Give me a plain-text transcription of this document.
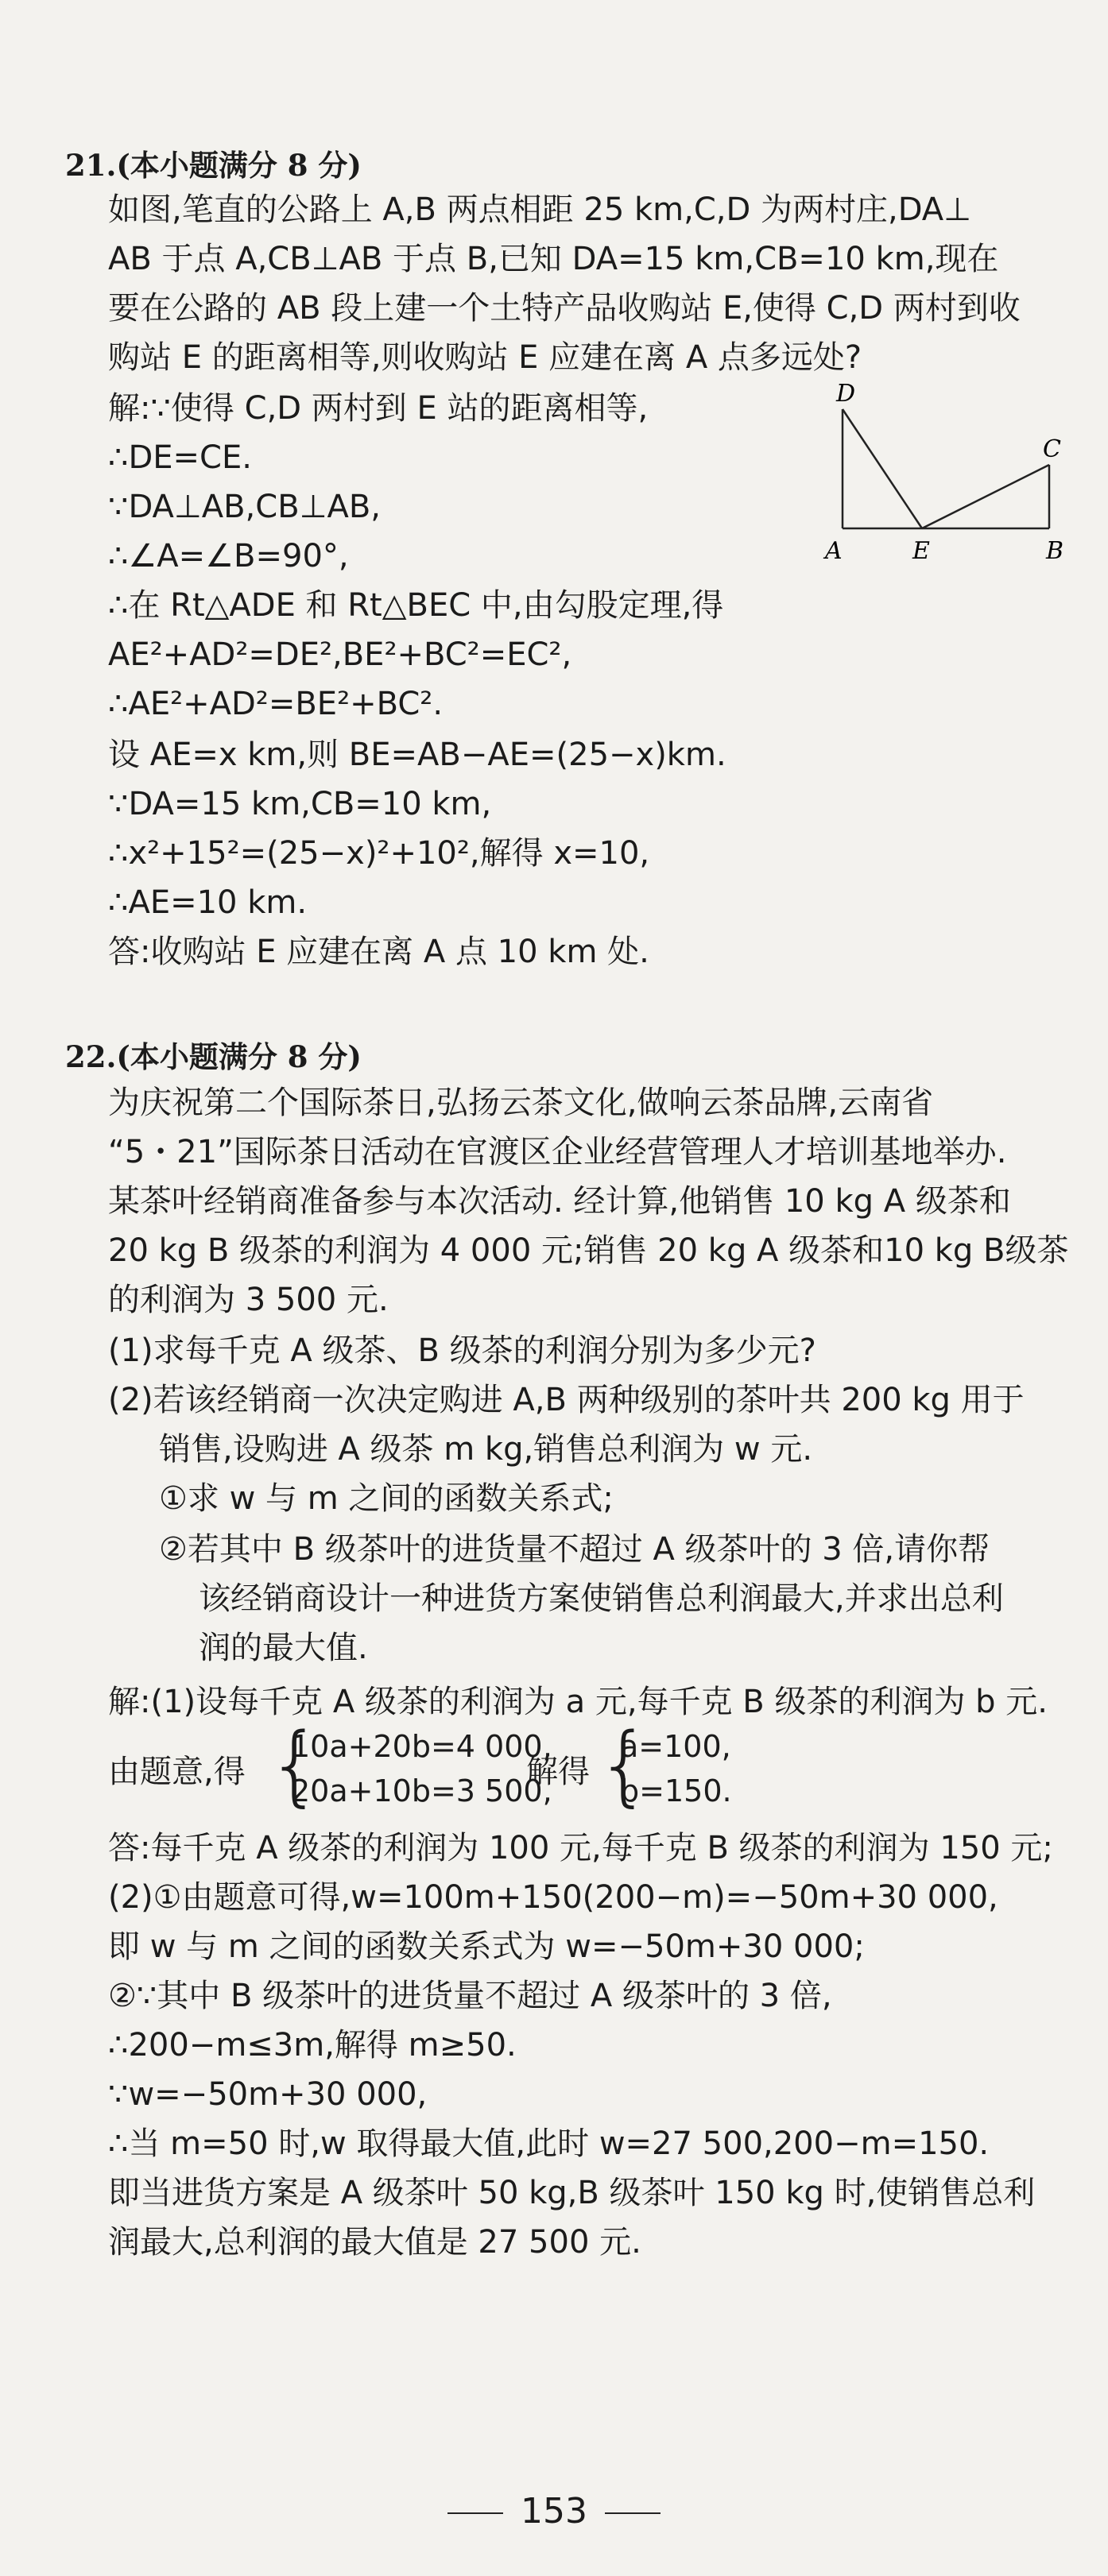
21.(本小题满分 8 分)
如图,笔直的公路上 A,B 两点相距 25 km,C,D 为两村庄,DA⊥
AB 于点 A,CB⊥AB 于点 B,已知 DA=15 km,CB=10 km,现在
要在公路的 AB 段上建一个土特产品收购站 E,使得 C,D 两村到收
购站 E 的距离相等,则收购站 E 应建在离 A 点多远处?
解:∵使得 C,D 两村到 E 站的距离相等,
∴DE=CE.
∵DA⊥AB,CB⊥AB,
∴∠A=∠B=90°,
∴在 Rt△ADE 和 Rt△BEC 中,由勾股定理,得
AE²+AD²=DE²,BE²+BC²=EC²,
∴AE²+AD²=BE²+BC².
设 AE=x km,则 BE=AB−AE=(25−x)km.
∵DA=15 km,CB=10 km,
∴x²+15²=(25−x)²+10²,解得 x=10,
∴AE=10 km.
答:收购站 E 应建在离 A 点 10 km 处.
D
C
A	E	B
22.(本小题满分 8 分)
为庆祝第二个国际茶日,弘扬云茶文化,做响云茶品牌,云南省
“5・21”国际茶日活动在官渡区企业经营管理人才培训基地举办.
某茶叶经销商准备参与本次活动. 经计算,他销售 10 kg A 级茶和
20 kg B 级茶的利润为 4 000 元;销售 20 kg A 级茶和10 kg B级茶
的利润为 3 500 元.
(1)求每千克 A 级茶、B 级茶的利润分别为多少元?
(2)若该经销商一次决定购进 A,B 两种级别的茶叶共 200 kg 用于
销售,设购进 A 级茶 m kg,销售总利润为 w 元.
①求 w 与 m 之间的函数关系式;
②若其中 B 级茶叶的进货量不超过 A 级茶叶的 3 倍,请你帮
该经销商设计一种进货方案使销售总利润最大,并求出总利
润的最大值.
解:(1)设每千克 A 级茶的利润为 a 元,每千克 B 级茶的利润为 b 元.
由题意,得 {
10a+20b=4 000,
20a+10b=3 500,
解得 {
a=100,
b=150.
答:每千克 A 级茶的利润为 100 元,每千克 B 级茶的利润为 150 元;
(2)①由题意可得,w=100m+150(200−m)=−50m+30 000,
即 w 与 m 之间的函数关系式为 w=−50m+30 000;
②∵其中 B 级茶叶的进货量不超过 A 级茶叶的 3 倍,
∴200−m≤3m,解得 m≥50.
∵w=−50m+30 000,
∴当 m=50 时,w 取得最大值,此时 w=27 500,200−m=150.
即当进货方案是 A 级茶叶 50 kg,B 级茶叶 150 kg 时,使销售总利
润最大,总利润的最大值是 27 500 元.
153
